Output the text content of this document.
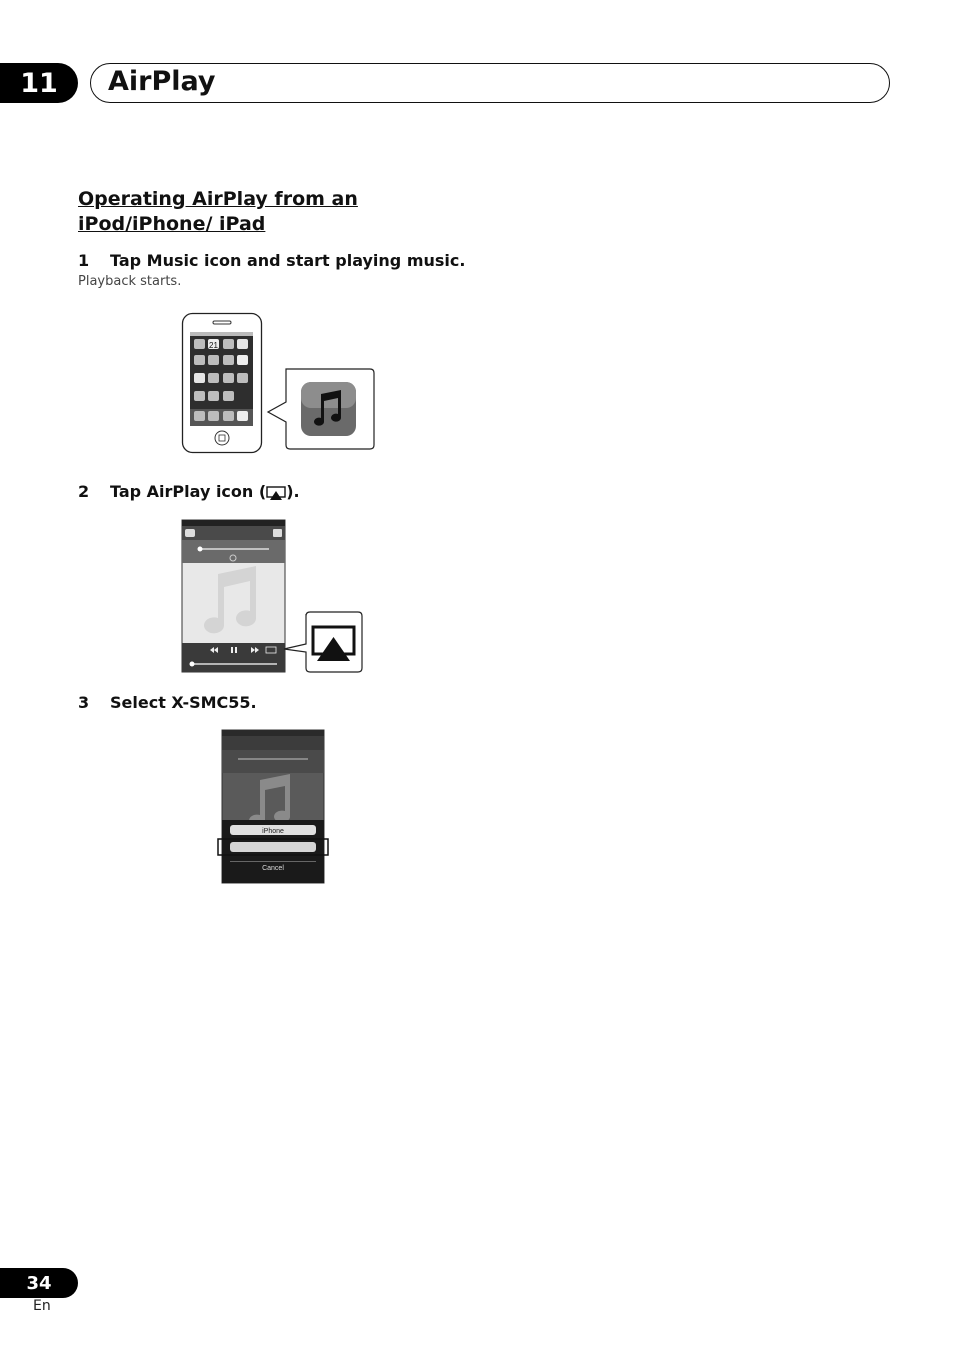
11	AirPlay
Operating AirPlay from an iPod/iPhone/ iPad
1 Tap Music icon and start playing music.
Playback starts.
21
2 Tap AirPlay icon ( ).
3 Select X-SMC55.
iPhone
Cancel
34
En
